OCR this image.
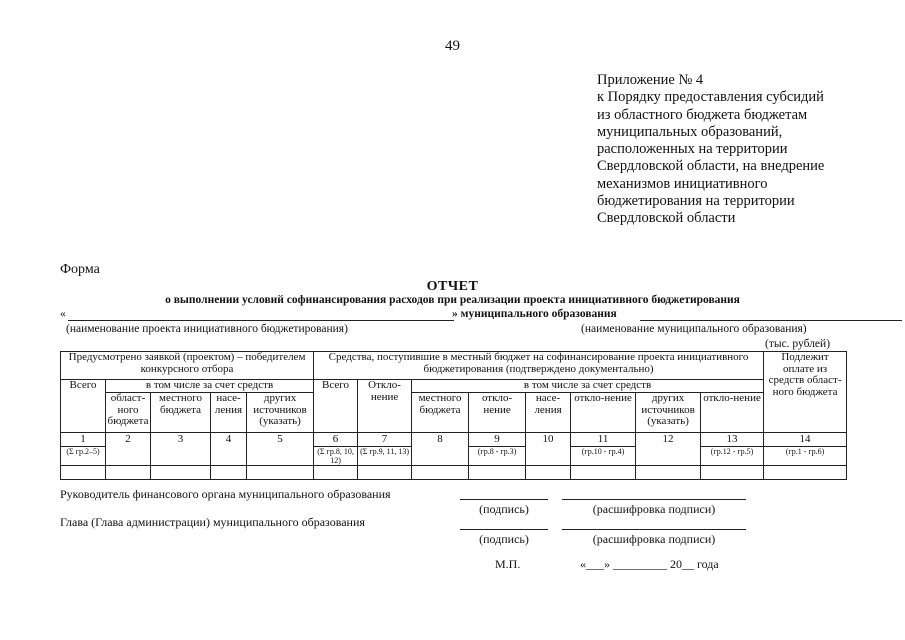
49
Приложение № 4
к Порядку предоставления субсидий
из областного бюджета бюджетам
муниципальных образований,
расположенных на территории
Свердловской области, на внедрение
механизмов инициативного
бюджетирования на территории
Свердловской области
Форма
ОТЧЕТ
о выполнении условий софинансирования расходов при реализации проекта инициативного бюджетирования
«	» муниципального образования
(наименование проекта инициативного бюджетирования)	(наименование муниципального образования)
(тыс. рублей)
Предусмотрено заявкой (проектом) – победителем конкурсного отбора					Средства, поступившие в местный бюджет на софинансирование проекта инициативного бюджетирования (подтверждено документально)								Подлежит оплате из средств област-ного бюджета
Всего	в том числе за счет средств				Всего	Откло-нение	в том числе за счет средств						
	област-ного бюджета	местного бюджета	насе-ления	других источников (указать)			местного бюджета	откло-нение	насе-ления	откло-нение	других источников (указать)	откло-нение	
1	2	3	4	5	6	7	8	9	10	11	12	13	14
(Σ гр.2–5)					(Σ гр.8, 10, 12)	(Σ гр.9, 11, 13)		(гр.8 - гр.3)		(гр.10 - гр.4)		(гр.12 - гр.5)	(гр.1 - гр.6)

Руководитель финансового органа муниципального образования
(подпись)	(расшифровка подписи)
Глава (Глава администрации) муниципального образования
(подпись)	(расшифровка подписи)
М.П.	«___» _________ 20__ года
